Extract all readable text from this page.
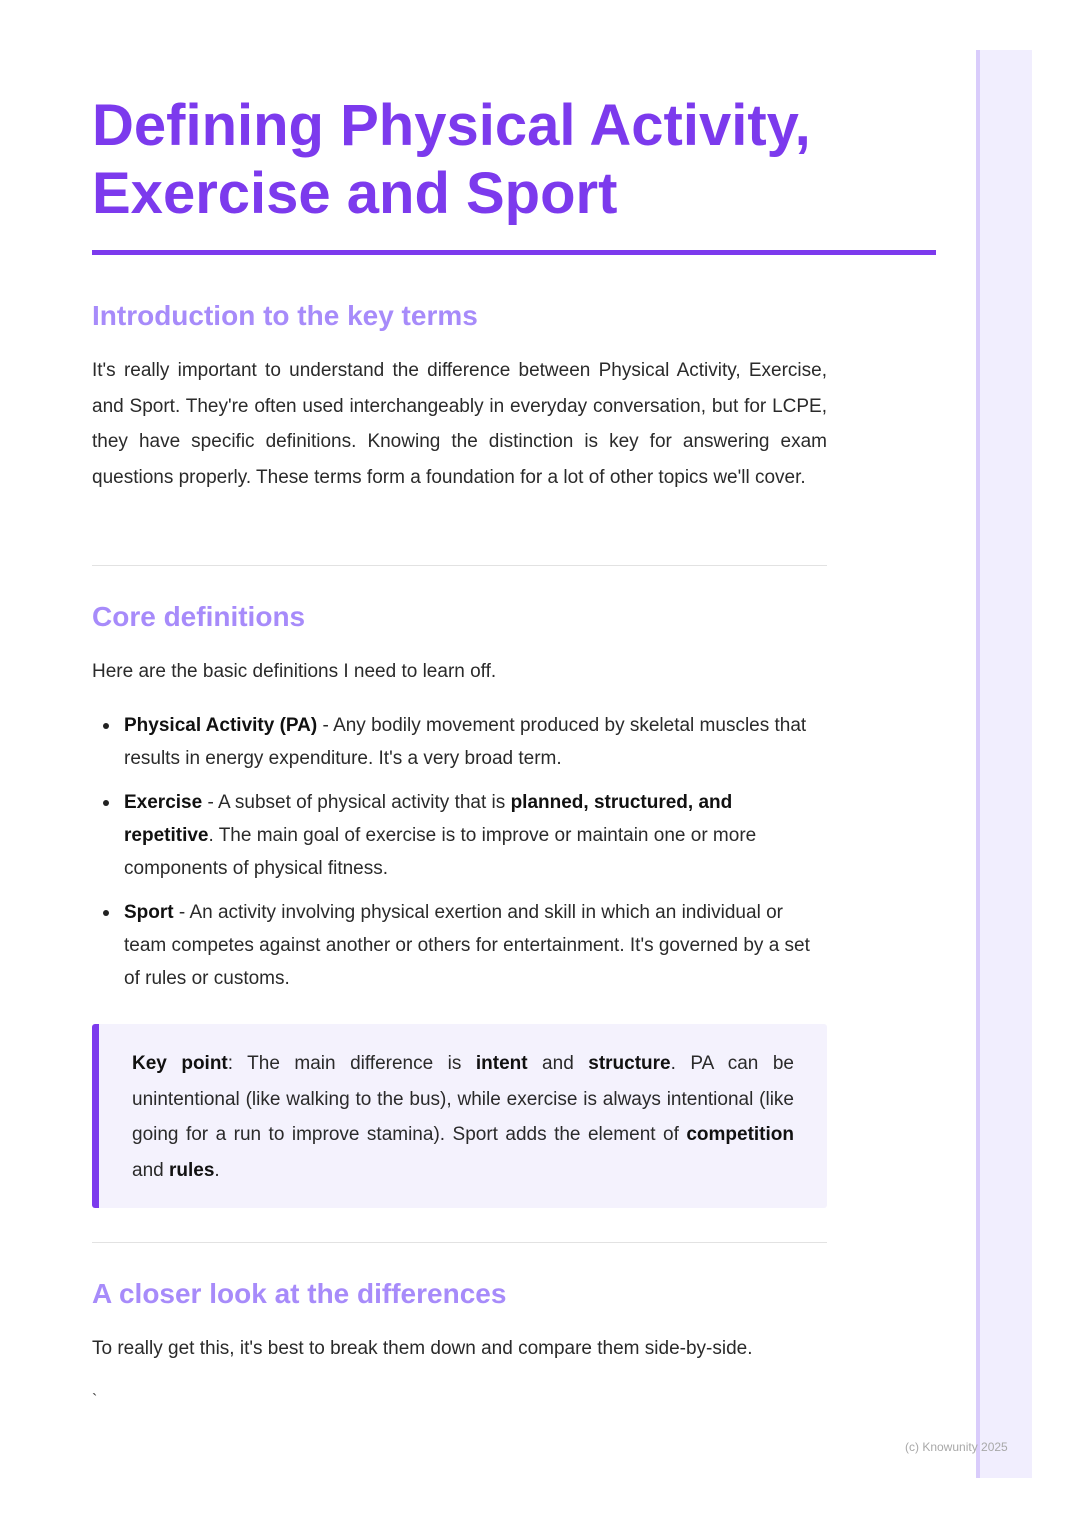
Defining Physical Activity, Exercise and Sport
Introduction to the key terms

It's really important to understand the difference between Physical Activity, Exercise, and Sport. They're often used interchangeably in everyday conversation, but for LCPE, they have specific definitions. Knowing the distinction is key for answering exam questions properly. These terms form a foundation for a lot of other topics we'll cover.

Core definitions

Here are the basic definitions I need to learn off.

Physical Activity (PA) - Any bodily movement produced by skeletal muscles that results in energy expenditure. It's a very broad term.
Exercise - A subset of physical activity that is planned, structured, and repetitive. The main goal of exercise is to improve or maintain one or more components of physical fitness.
Sport - An activity involving physical exertion and skill in which an individual or team competes against another or others for entertainment. It's governed by a set of rules or customs.

Key point: The main difference is intent and structure. PA can be unintentional (like walking to the bus), while exercise is always intentional (like going for a run to improve stamina). Sport adds the element of competition and rules.

A closer look at the differences

To really get this, it's best to break them down and compare them side-by-side.

`
(c) Knowunity 2025
